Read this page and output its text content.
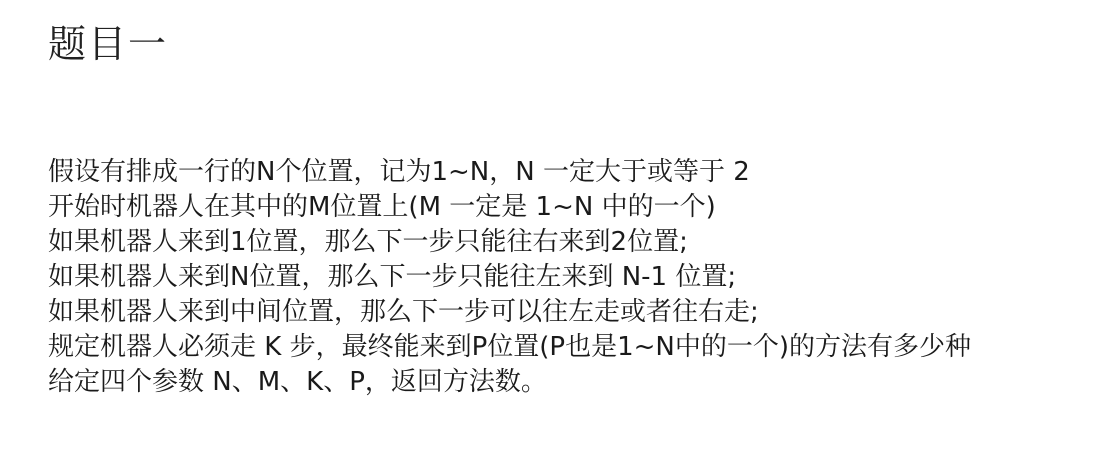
题目一
假设有排成一行的N个位置，记为1~N，N 一定大于或等于 2
开始时机器人在其中的M位置上(M 一定是 1~N 中的一个)
如果机器人来到1位置，那么下一步只能往右来到2位置;
如果机器人来到N位置，那么下一步只能往左来到 N-1 位置;
如果机器人来到中间位置，那么下一步可以往左走或者往右走;
规定机器人必须走 K 步，最终能来到P位置(P也是1~N中的一个)的方法有多少种
给定四个参数 N、M、K、P，返回方法数。
